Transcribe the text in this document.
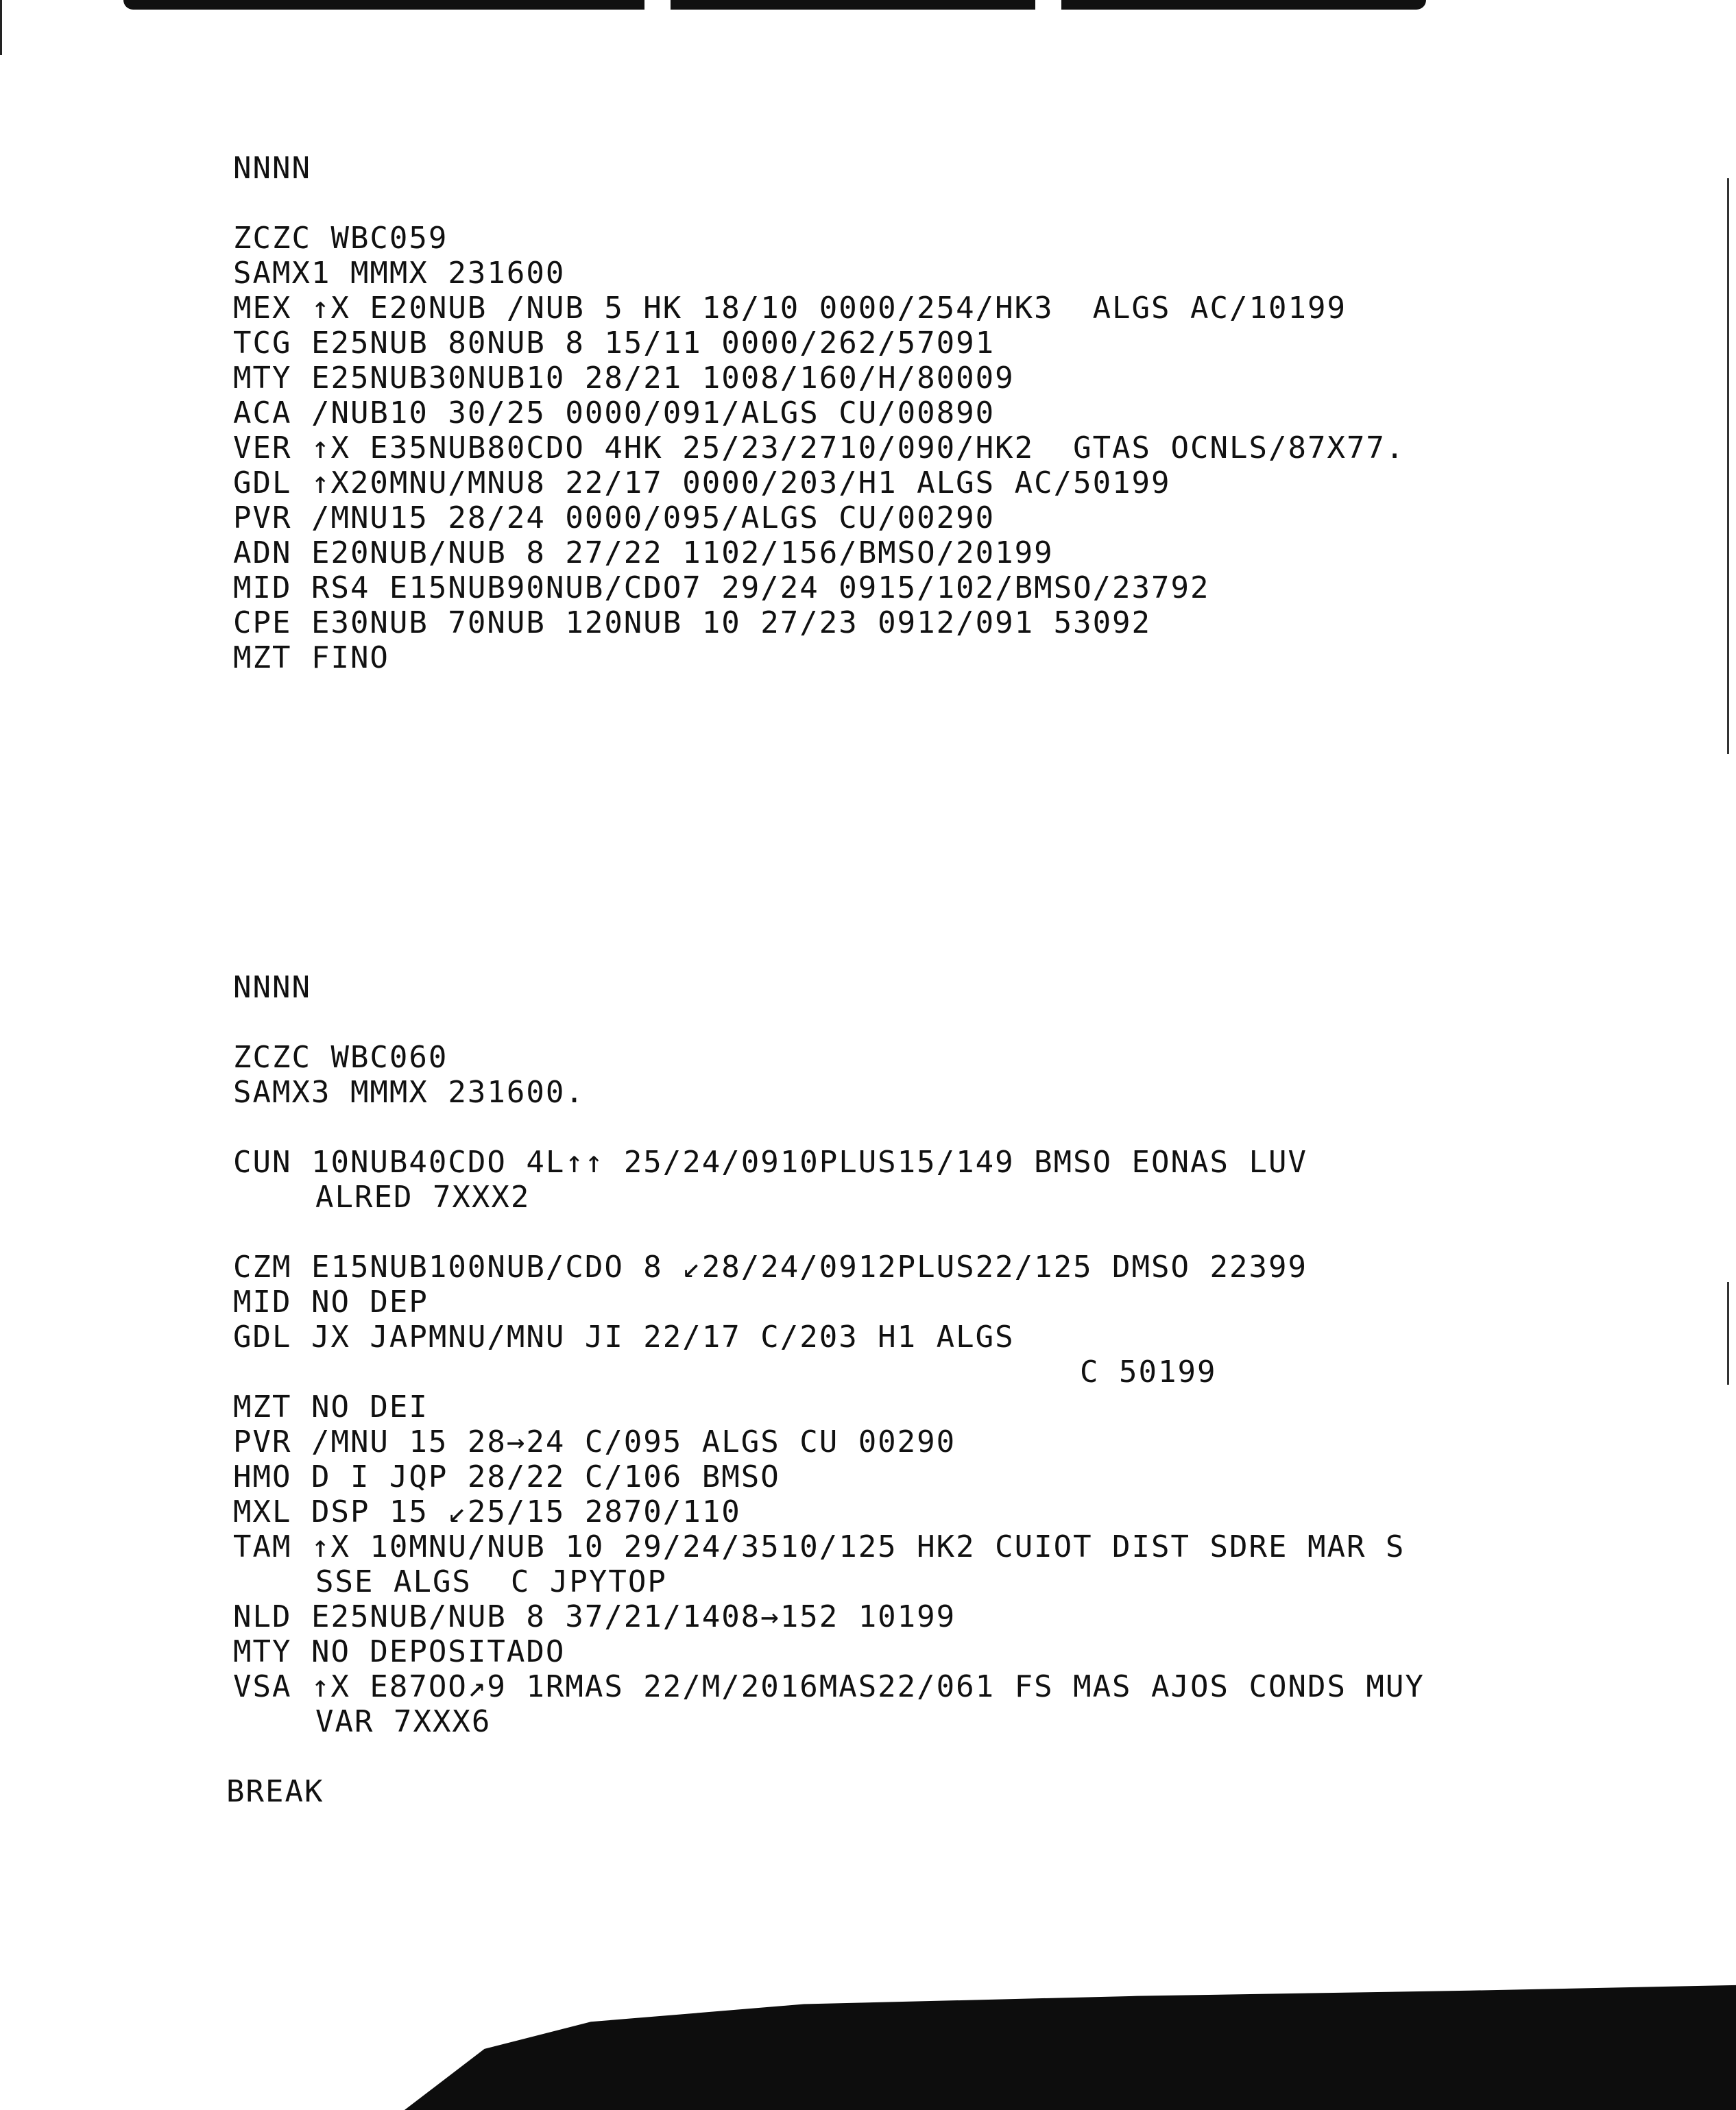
NNNN
ZCZC WBC059
SAMX1 MMMX 231600
MEX ↑X E20NUB /NUB 5 HK 18/10 0000/254/HK3  ALGS AC/10199
TCG E25NUB 80NUB 8 15/11 0000/262/57091
MTY E25NUB30NUB10 28/21 1008/160/H/80009
ACA /NUB10 30/25 0000/091/ALGS CU/00890
VER ↑X E35NUB80CDO 4HK 25/23/2710/090/HK2  GTAS OCNLS/87X77.
GDL ↑X20MNU/MNU8 22/17 0000/203/H1 ALGS AC/50199
PVR /MNU15 28/24 0000/095/ALGS CU/00290
ADN E20NUB/NUB 8 27/22 1102/156/BMSO/20199
MID RS4 E15NUB90NUB/CDO7 29/24 0915/102/BMSO/23792
CPE E30NUB 70NUB 120NUB 10 27/23 0912/091 53092
MZT FINO
NNNN
ZCZC WBC060
SAMX3 MMMX 231600.
CUN 10NUB40CDO 4L↑↑ 25/24/0910PLUS15/149 BMSO EONAS LUV
ALRED 7XXX2
CZM E15NUB100NUB/CDO 8 ↙28/24/0912PLUS22/125 DMSO 22399
MID NO DEP
GDL JX JAPMNU/MNU JI 22/17 C/203 H1 ALGS
C 50199
MZT NO DEI
PVR /MNU 15 28→24 C/095 ALGS CU 00290
HMO D I JQP 28/22 C/106 BMSO
MXL DSP 15 ↙25/15 2870/110
TAM ↑X 10MNU/NUB 10 29/24/3510/125 HK2 CUIOT DIST SDRE MAR S
SSE ALGS  C JPYTOP
NLD E25NUB/NUB 8 37/21/1408→152 10199
MTY NO DEPOSITADO
VSA ↑X E87OO↗9 1RMAS 22/M/2016MAS22/061 FS MAS AJOS CONDS MUY
VAR 7XXX6
BREAK
